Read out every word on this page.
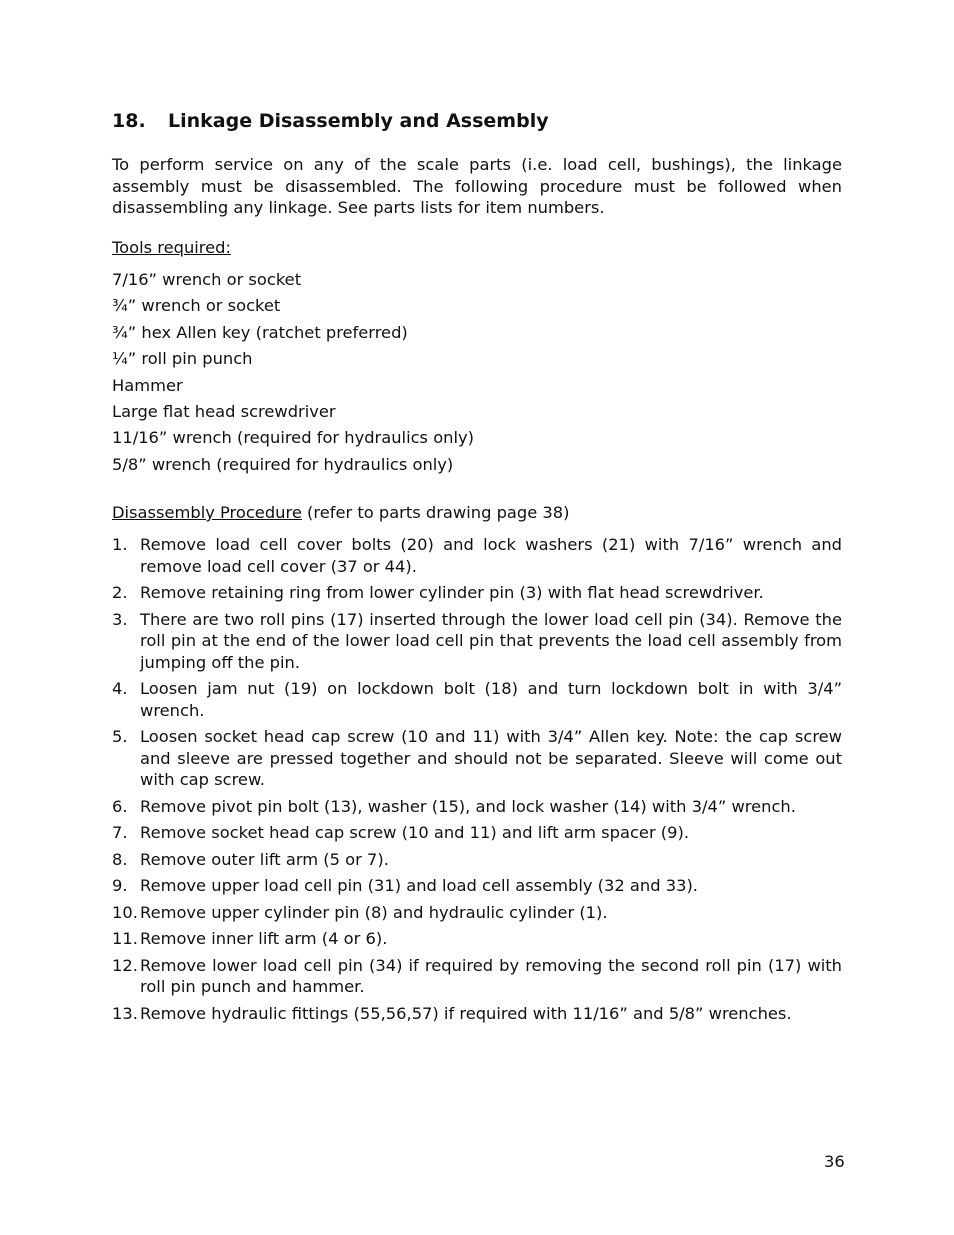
18. Linkage Disassembly and Assembly
To perform service on any of the scale parts (i.e. load cell, bushings), the linkage assembly must be disassembled. The following procedure must be followed when disassembling any linkage. See parts lists for item numbers.
Tools required:
7/16” wrench or socket
¾” wrench or socket
¾” hex Allen key (ratchet preferred)
¼” roll pin punch
Hammer
Large flat head screwdriver
11/16” wrench (required for hydraulics only)
5/8” wrench (required for hydraulics only)
Disassembly Procedure (refer to parts drawing page 38)
1. Remove load cell cover bolts (20) and lock washers (21) with 7/16” wrench and remove load cell cover (37 or 44).
2. Remove retaining ring from lower cylinder pin (3) with flat head screwdriver.
3. There are two roll pins (17) inserted through the lower load cell pin (34). Remove the roll pin at the end of the lower load cell pin that prevents the load cell assembly from jumping off the pin.
4. Loosen jam nut (19) on lockdown bolt (18) and turn lockdown bolt in with 3/4” wrench.
5. Loosen socket head cap screw (10 and 11) with 3/4” Allen key. Note: the cap screw and sleeve are pressed together and should not be separated. Sleeve will come out with cap screw.
6. Remove pivot pin bolt (13), washer (15), and lock washer (14) with 3/4” wrench.
7. Remove socket head cap screw (10 and 11) and lift arm spacer (9).
8. Remove outer lift arm (5 or 7).
9. Remove upper load cell pin (31) and load cell assembly (32 and 33).
10. Remove upper cylinder pin (8) and hydraulic cylinder (1).
11. Remove inner lift arm (4 or 6).
12. Remove lower load cell pin (34) if required by removing the second roll pin (17) with roll pin punch and hammer.
13. Remove hydraulic fittings (55,56,57) if required with 11/16” and 5/8” wrenches.
36
